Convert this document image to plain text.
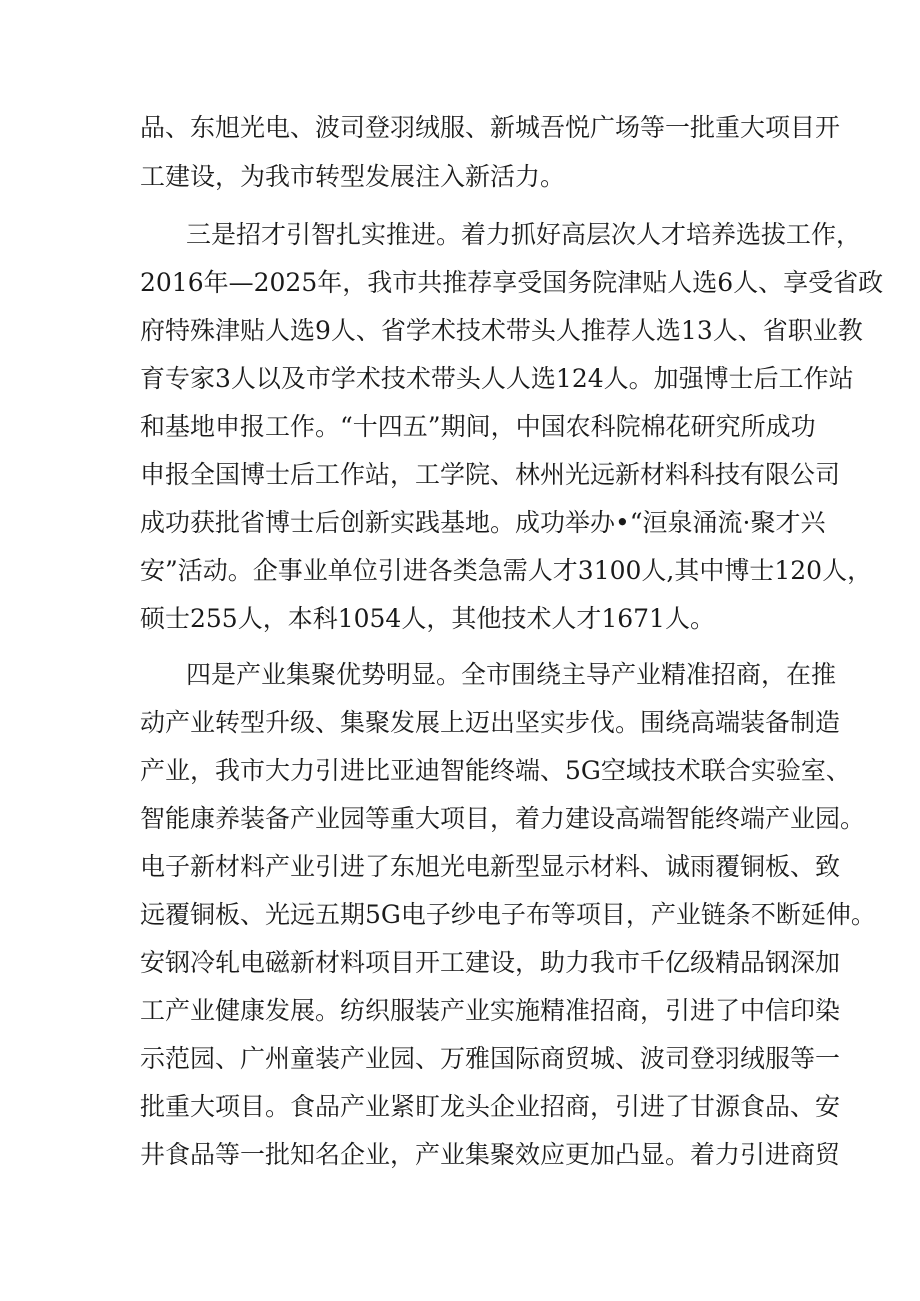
品、东旭光电、波司登羽绒服、新城吾悦广场等一批重大项目开
工建设，为我市转型发展注入新活力。
三是招才引智扎实推进。着力抓好高层次人才培养选拔工作，
2016年—2025年，我市共推荐享受国务院津贴人选6人、享受省政
府特殊津贴人选9人、省学术技术带头人推荐人选13人、省职业教
育专家3人以及市学术技术带头人人选124人。加强博士后工作站
和基地申报工作。“十四五”期间，中国农科院棉花研究所成功
申报全国博士后工作站，工学院、林州光远新材料科技有限公司
成功获批省博士后创新实践基地。成功举办•“洹泉涌流·聚才兴
安”活动。企事业单位引进各类急需人才3100人,其中博士120人，
硕士255人，本科1054人，其他技术人才1671人。
四是产业集聚优势明显。全市围绕主导产业精准招商，在推
动产业转型升级、集聚发展上迈出坚实步伐。围绕高端装备制造
产业，我市大力引进比亚迪智能终端、5G空域技术联合实验室、
智能康养装备产业园等重大项目，着力建设高端智能终端产业园。
电子新材料产业引进了东旭光电新型显示材料、诚雨覆铜板、致
远覆铜板、光远五期5G电子纱电子布等项目，产业链条不断延伸。
安钢冷轧电磁新材料项目开工建设，助力我市千亿级精品钢深加
工产业健康发展。纺织服装产业实施精准招商，引进了中信印染
示范园、广州童装产业园、万雅国际商贸城、波司登羽绒服等一
批重大项目。食品产业紧盯龙头企业招商，引进了甘源食品、安
井食品等一批知名企业，产业集聚效应更加凸显。着力引进商贸
